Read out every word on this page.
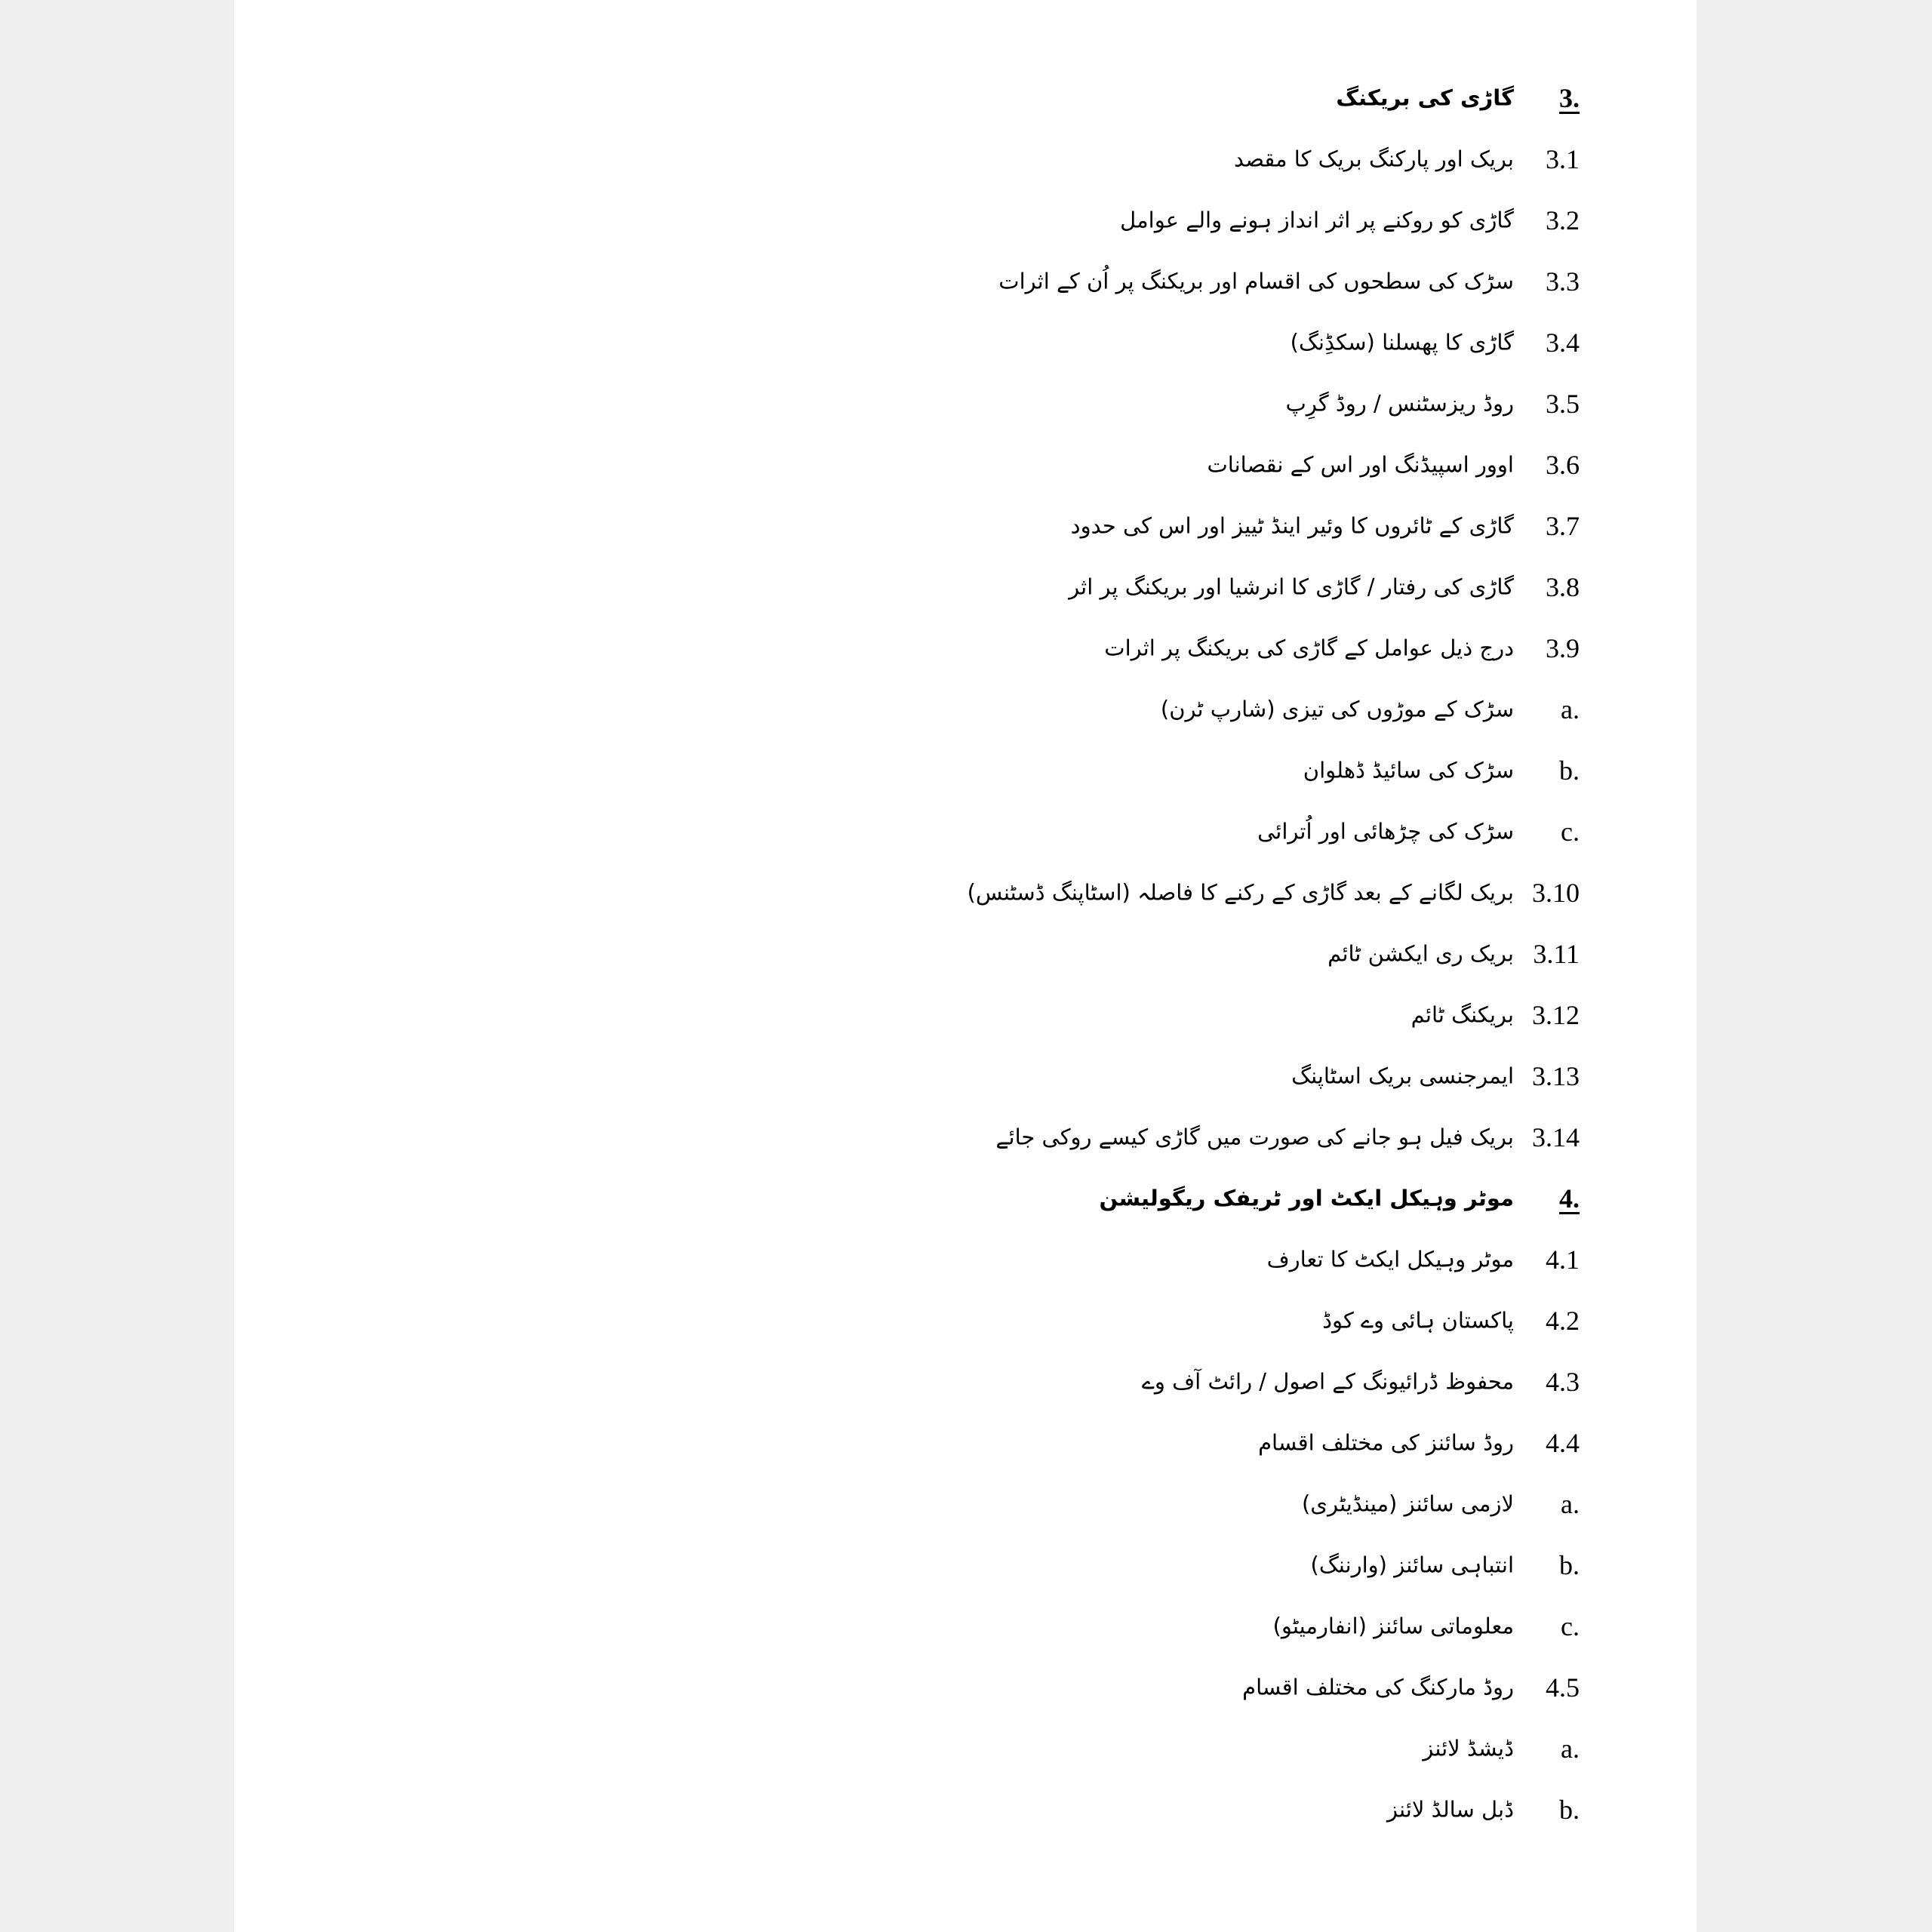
3.
گاڑی کی بریکنگ
3.1
بریک اور پارکنگ بریک کا مقصد
3.2
گاڑی کو روکنے پر اثر انداز ہونے والے عوامل
3.3
سڑک کی سطحوں کی اقسام اور بریکنگ پر اُن کے اثرات
3.4
گاڑی کا پھسلنا (سکڈِنگ)
3.5
روڈ ریزسٹنس / روڈ گرِپ
3.6
اوور اسپیڈنگ اور اس کے نقصانات
3.7
گاڑی کے ٹائروں کا وئیر اینڈ ٹییز اور اس کی حدود
3.8
گاڑی کی رفتار / گاڑی کا انرشیا اور بریکنگ پر اثر
3.9
درج ذیل عوامل کے گاڑی کی بریکنگ پر اثرات
a.
سڑک کے موڑوں کی تیزی (شارپ ٹرن)
b.
سڑک کی سائیڈ ڈھلوان
c.
سڑک کی چڑھائی اور اُترائی
3.10
بریک لگانے کے بعد گاڑی کے رکنے کا فاصلہ (اسٹاپنگ ڈسٹنس)
3.11
بریک ری ایکشن ٹائم
3.12
بریکنگ ٹائم
3.13
ایمرجنسی بریک اسٹاپنگ
3.14
بریک فیل ہو جانے کی صورت میں گاڑی کیسے روکی جائے
4.
موٹر وہیکل ایکٹ اور ٹریفک ریگولیشن
4.1
موٹر وہیکل ایکٹ کا تعارف
4.2
پاکستان ہائی وے کوڈ
4.3
محفوظ ڈرائیونگ کے اصول / رائٹ آف وے
4.4
روڈ سائنز کی مختلف اقسام
a.
لازمی سائنز (مینڈیٹری)
b.
انتباہی سائنز (وارننگ)
c.
معلوماتی سائنز (انفارمیٹو)
4.5
روڈ مارکنگ کی مختلف اقسام
a.
ڈیشڈ لائنز
b.
ڈبل سالڈ لائنز
